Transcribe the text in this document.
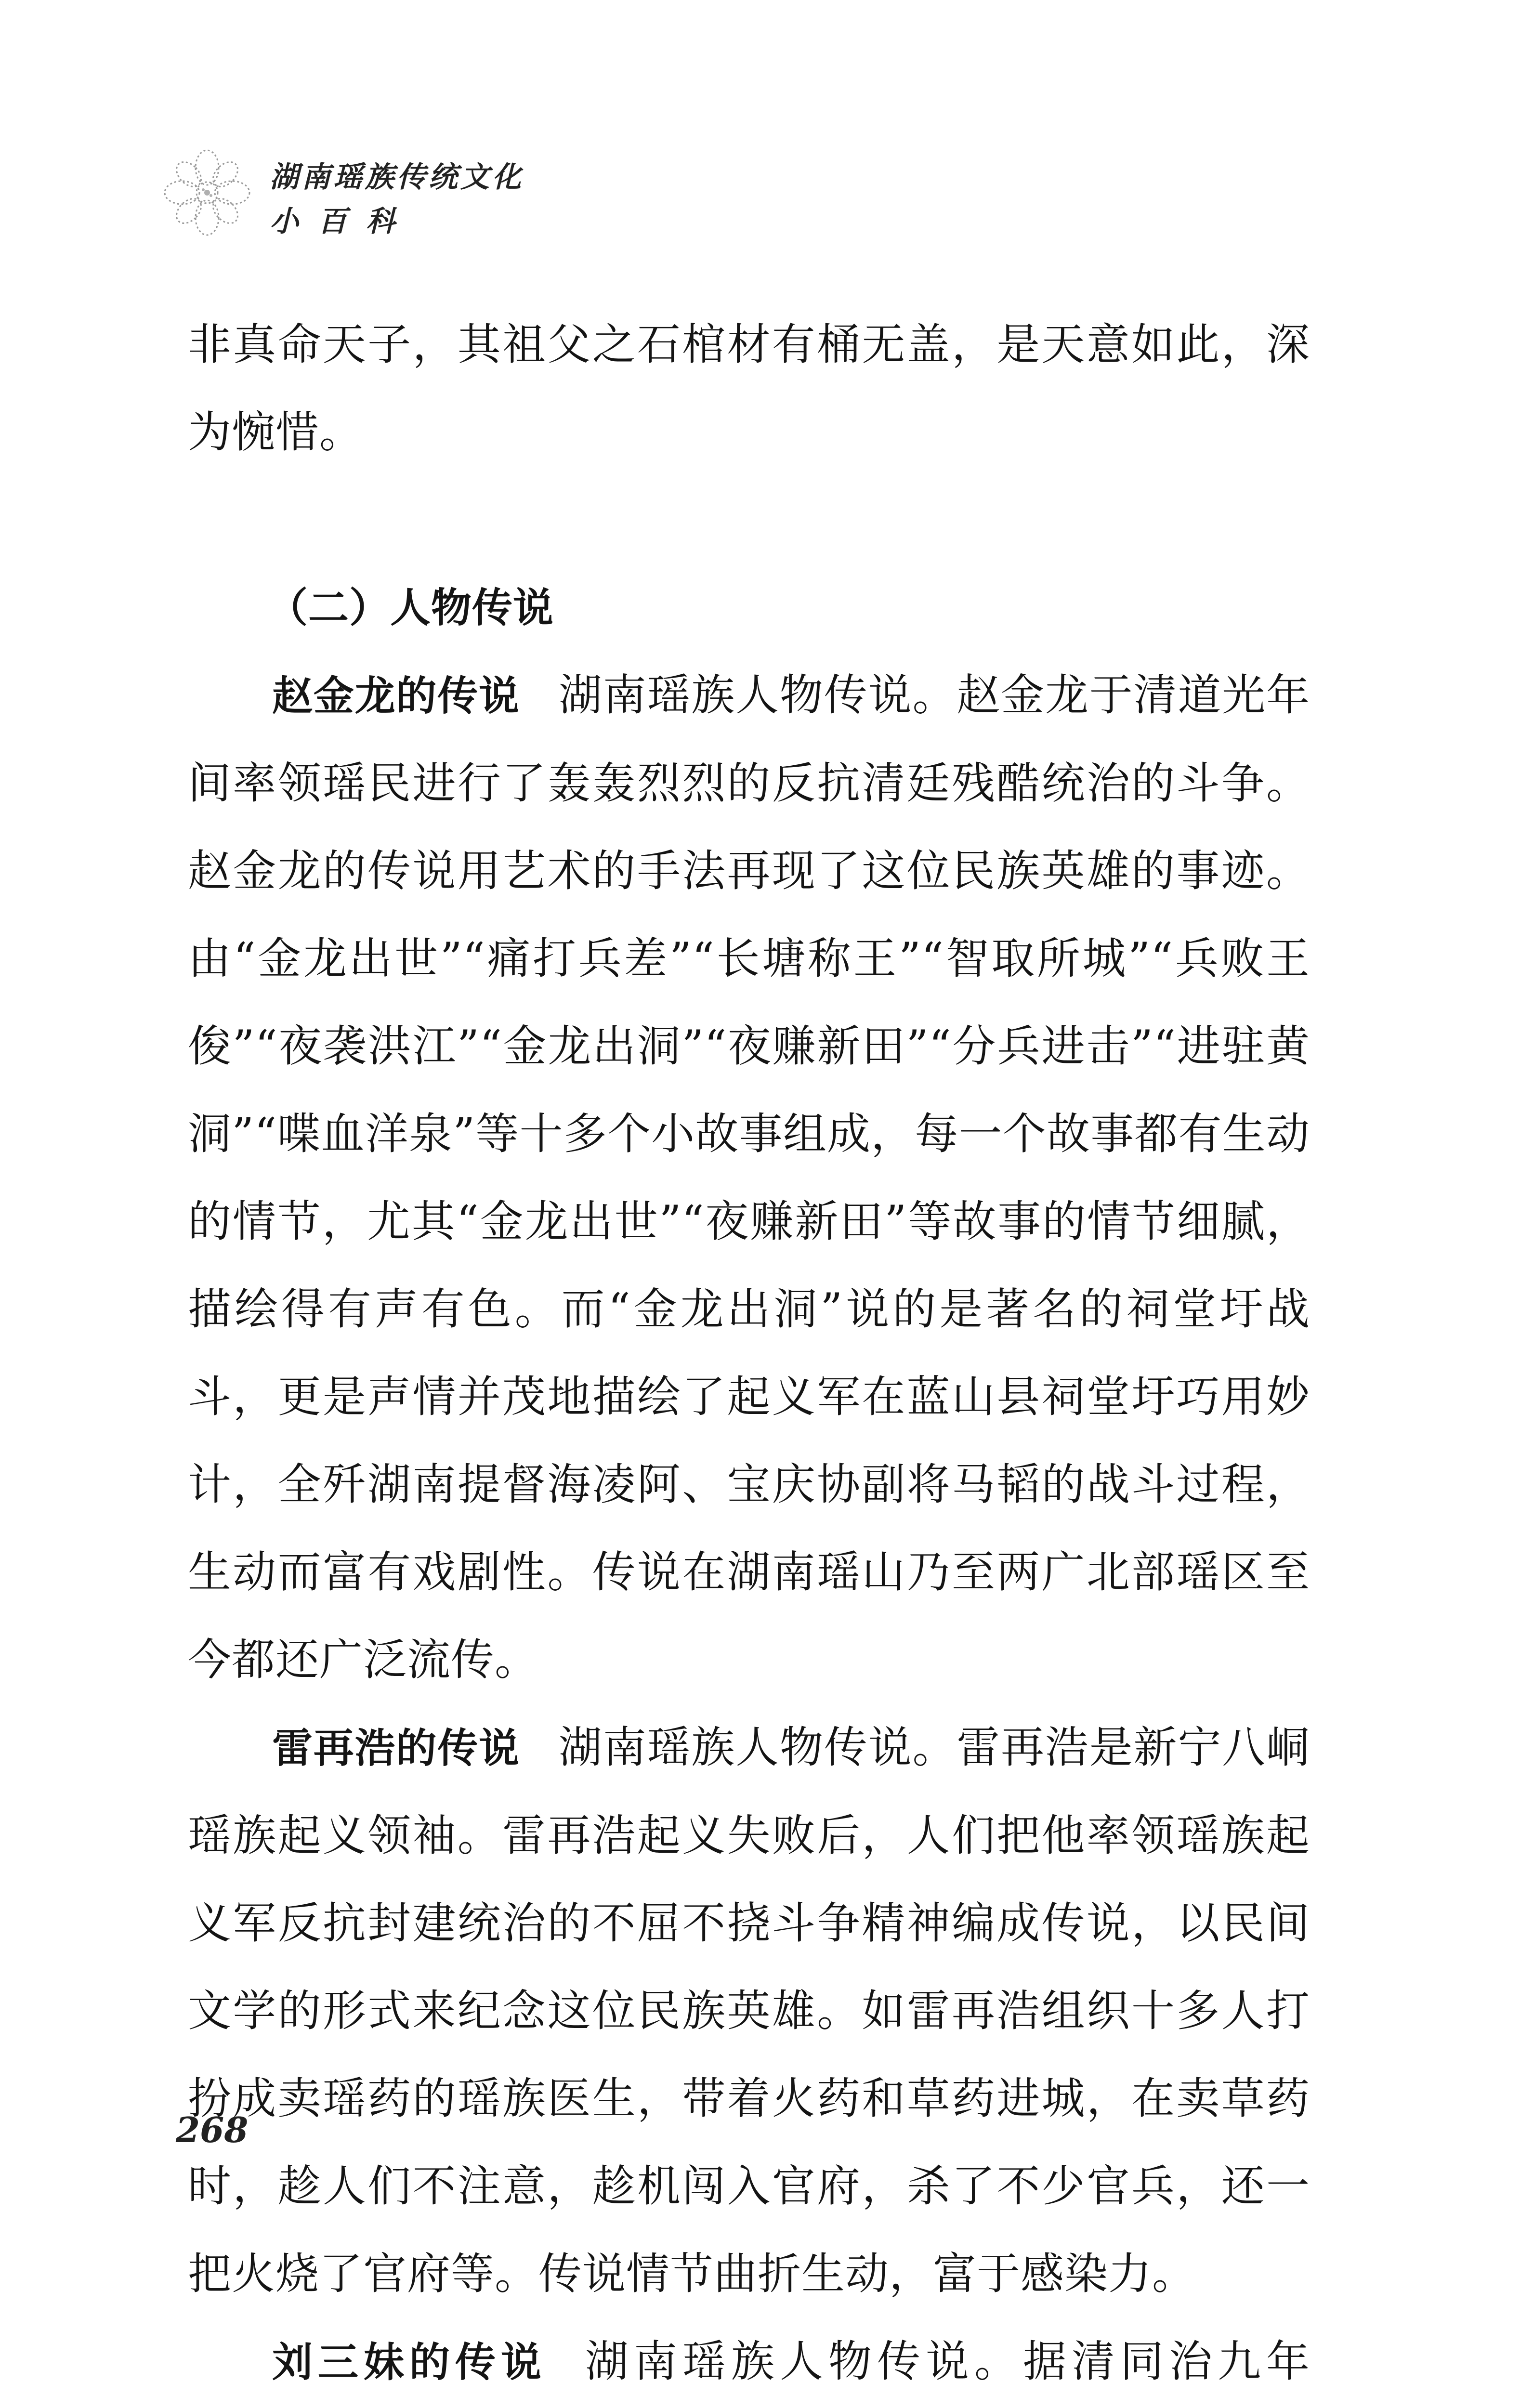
湖南瑶族传统文化
小百科

非真命天子，其祖父之石棺材有桶无盖，是天意如此，深为惋惜。

（二）人物传说

赵金龙的传说 湖南瑶族人物传说。赵金龙于清道光年间率领瑶民进行了轰轰烈烈的反抗清廷残酷统治的斗争。赵金龙的传说用艺术的手法再现了这位民族英雄的事迹。由“金龙出世”“痛打兵差”“长塘称王”“智取所城”“兵败王俊”“夜袭洪江”“金龙出洞”“夜赚新田”“分兵进击”“进驻黄洞”“喋血洋泉”等十多个小故事组成，每一个故事都有生动的情节，尤其“金龙出世”“夜赚新田”等故事的情节细腻，描绘得有声有色。而“金龙出洞”说的是著名的祠堂圩战斗，更是声情并茂地描绘了起义军在蓝山县祠堂圩巧用妙计，全歼湖南提督海凌阿、宝庆协副将马韬的战斗过程，生动而富有戏剧性。传说在湖南瑶山乃至两广北部瑶区至今都还广泛流传。

雷再浩的传说 湖南瑶族人物传说。雷再浩是新宁八峒瑶族起义领袖。雷再浩起义失败后，人们把他率领瑶族起义军反抗封建统治的不屈不挠斗争精神编成传说，以民间文学的形式来纪念这位民族英雄。如雷再浩组织十多人打扮成卖瑶药的瑶族医生，带着火药和草药进城，在卖草药时，趁人们不注意，趁机闯入官府，杀了不少官兵，还一把火烧了官府等。传说情节曲折生动，富于感染力。

刘三妹的传说 湖南瑶族人物传说。据清同治九年

268
